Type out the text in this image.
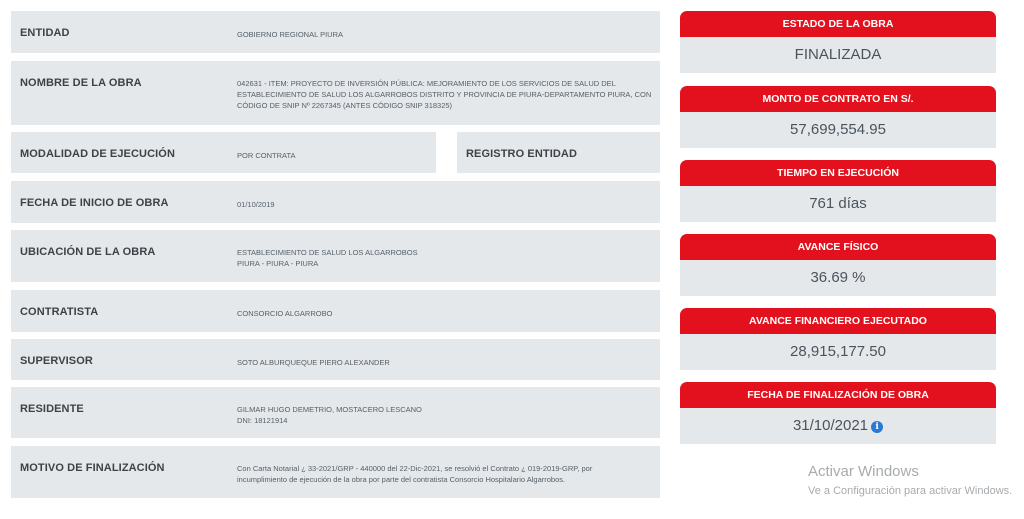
ENTIDAD	GOBIERNO REGIONAL PIURA
NOMBRE DE LA OBRA	042631 - ITEM: PROYECTO DE INVERSIÓN PÚBLICA: MEJORAMIENTO DE LOS SERVICIOS DE SALUD DEL
ESTABLECIMIENTO DE SALUD LOS ALGARROBOS DISTRITO Y PROVINCIA DE PIURA-DEPARTAMENTO PIURA, CON
CÓDIGO DE SNIP Nº 2267345 (ANTES CÓDIGO SNIP 318325)
MODALIDAD DE EJECUCIÓN	POR CONTRATA	REGISTRO ENTIDAD
FECHA DE INICIO DE OBRA	01/10/2019
UBICACIÓN DE LA OBRA	ESTABLECIMIENTO DE SALUD LOS ALGARROBOS
PIURA - PIURA - PIURA
CONTRATISTA	CONSORCIO ALGARROBO
SUPERVISOR	SOTO ALBURQUEQUE PIERO ALEXANDER
RESIDENTE	GILMAR HUGO DEMETRIO, MOSTACERO LESCANO
DNI: 18121914
MOTIVO DE FINALIZACIÓN	Con Carta Notarial ¿ 33-2021/GRP - 440000 del 22-Dic-2021, se resolvió el Contrato ¿ 019-2019-GRP, por
incumplimiento de ejecución de la obra por parte del contratista Consorcio Hospitalario Algarrobos.
ESTADO DE LA OBRA
FINALIZADA
MONTO DE CONTRATO EN S/.
57,699,554.95
TIEMPO EN EJECUCIÓN
761 días
AVANCE FÍSICO
36.69 %
AVANCE FINANCIERO EJECUTADO
28,915,177.50
FECHA DE FINALIZACIÓN DE OBRA
31/10/2021 i
Activar Windows
Ve a Configuración para activar Windows.
